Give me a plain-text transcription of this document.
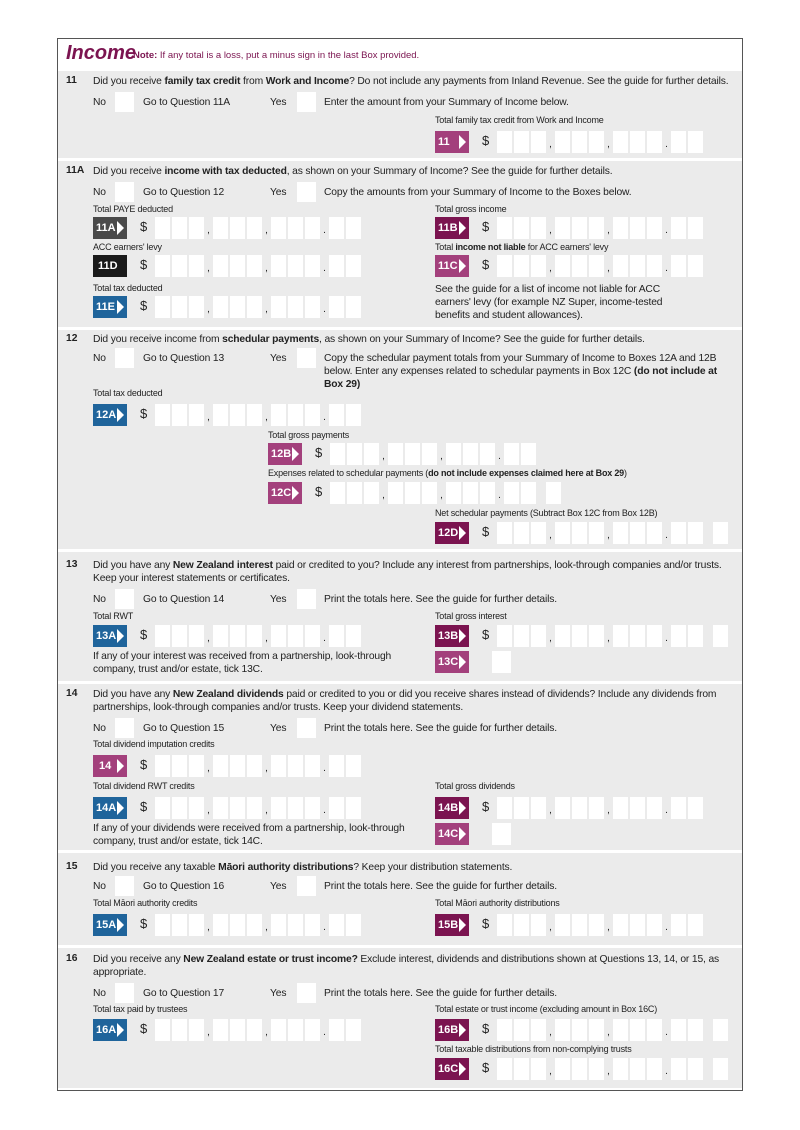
Income
Note: If any total is a loss, put a minus sign in the last Box provided.
11 Did you receive family tax credit from Work and Income? Do not include any payments from Inland Revenue. See the guide for further details.
No	Go to Question 11A	Yes	Enter the amount from your Summary of Income below.
Total family tax credit from Work and Income
11	$	,	,	.
11A Did you receive income with tax deducted, as shown on your Summary of Income? See the guide for further details.
No	Go to Question 12	Yes	Copy the amounts from your Summary of Income to the Boxes below.
Total PAYE deducted
11A	$	,	,	.
Total gross income
11B	$	,	,	.
ACC earners' levy
11D	$	,	,	.
Total income not liable for ACC earners' levy
11C	$	,	,	.
Total tax deducted
11E	$	,	,	.
See the guide for a list of income not liable for ACC earners' levy (for example NZ Super, income-tested benefits and student allowances).
12 Did you receive income from schedular payments, as shown on your Summary of Income? See the guide for further details.
No	Go to Question 13	Yes	Copy the schedular payment totals from your Summary of Income to Boxes 12A and 12B below. Enter any expenses related to schedular payments in Box 12C (do not include at Box 29)
Total tax deducted
12A	$	,	,	.
Total gross payments
12B	$	,	,	.
Expenses related to schedular payments (do not include expenses claimed here at Box 29)
12C	$	,	,	.
Net schedular payments (Subtract Box 12C from Box 12B)
12D	$	,	,	.
13 Did you have any New Zealand interest paid or credited to you? Include any interest from partnerships, look-through companies and/or trusts. Keep your interest statements or certificates.
No	Go to Question 14	Yes	Print the totals here. See the guide for further details.
Total RWT
13A	$	,	,	.
Total gross interest
13B	$	,	,	.
If any of your interest was received from a partnership, look-through company, trust and/or estate, tick 13C.
13C
14 Did you have any New Zealand dividends paid or credited to you or did you receive shares instead of dividends? Include any dividends from partnerships, look-through companies and/or trusts. Keep your dividend statements.
No	Go to Question 15	Yes	Print the totals here. See the guide for further details.
Total dividend imputation credits
14	$	,	,	.
Total dividend RWT credits
14A	$	,	,	.
Total gross dividends
14B	$	,	,	.
If any of your dividends were received from a partnership, look-through company, trust and/or estate, tick 14C.
14C
15 Did you receive any taxable Māori authority distributions? Keep your distribution statements.
No	Go to Question 16	Yes	Print the totals here. See the guide for further details.
Total Māori authority credits
15A	$	,	,	.
Total Māori authority distributions
15B	$	,	,	.
16 Did you receive any New Zealand estate or trust income? Exclude interest, dividends and distributions shown at Questions 13, 14, or 15, as appropriate.
No	Go to Question 17	Yes	Print the totals here. See the guide for further details.
Total tax paid by trustees
16A	$	,	,	.
Total estate or trust income (excluding amount in Box 16C)
16B	$	,	,	.
Total taxable distributions from non-complying trusts
16C	$	,	,	.
